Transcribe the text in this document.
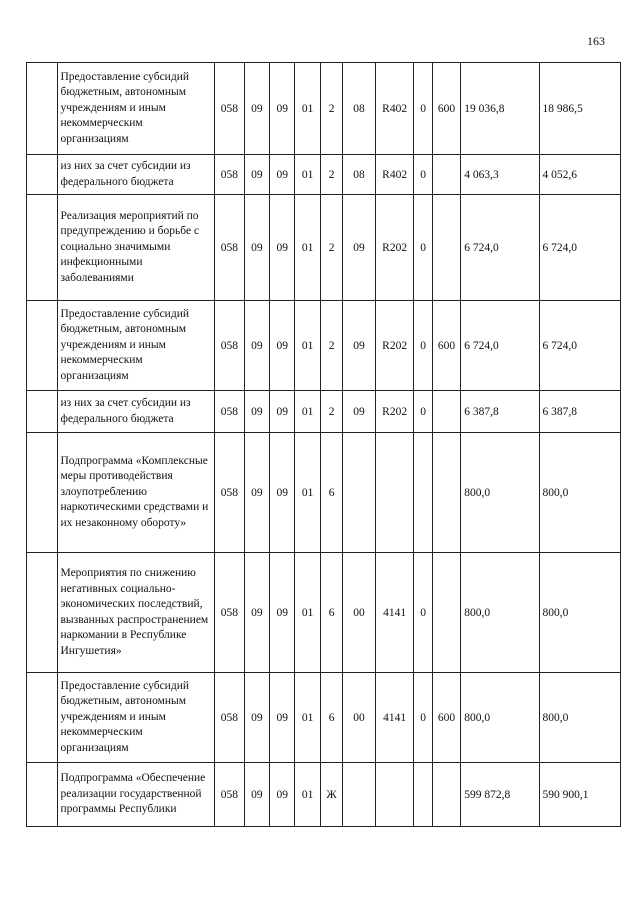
163
	Предоставление субсидий бюджетным, автономным учреждениям и иным некоммерческим организациям	058	09	09	01	2	08	R402	0	600	19 036,8	18 986,5
	из них за счет субсидии из федерального бюджета	058	09	09	01	2	08	R402	0		4 063,3	4 052,6
	Реализация мероприятий по предупреждению и борьбе с социально значимыми инфекционными заболеваниями	058	09	09	01	2	09	R202	0		6 724,0	6 724,0
	Предоставление субсидий бюджетным, автономным учреждениям и иным некоммерческим организациям	058	09	09	01	2	09	R202	0	600	6 724,0	6 724,0
	из них за счет субсидии из федерального бюджета	058	09	09	01	2	09	R202	0		6 387,8	6 387,8
	Подпрограмма «Комплексные меры противодействия злоупотреблению наркотическими средствами и их незаконному обороту»	058	09	09	01	6					800,0	800,0
	Мероприятия по снижению негативных социально-экономических последствий, вызванных распространением наркомании в Республике Ингушетия»	058	09	09	01	6	00	4141	0		800,0	800,0
	Предоставление субсидий бюджетным, автономным учреждениям и иным некоммерческим организациям	058	09	09	01	6	00	4141	0	600	800,0	800,0
	Подпрограмма «Обеспечение реализации государственной программы Республики	058	09	09	01	Ж					599 872,8	590 900,1
